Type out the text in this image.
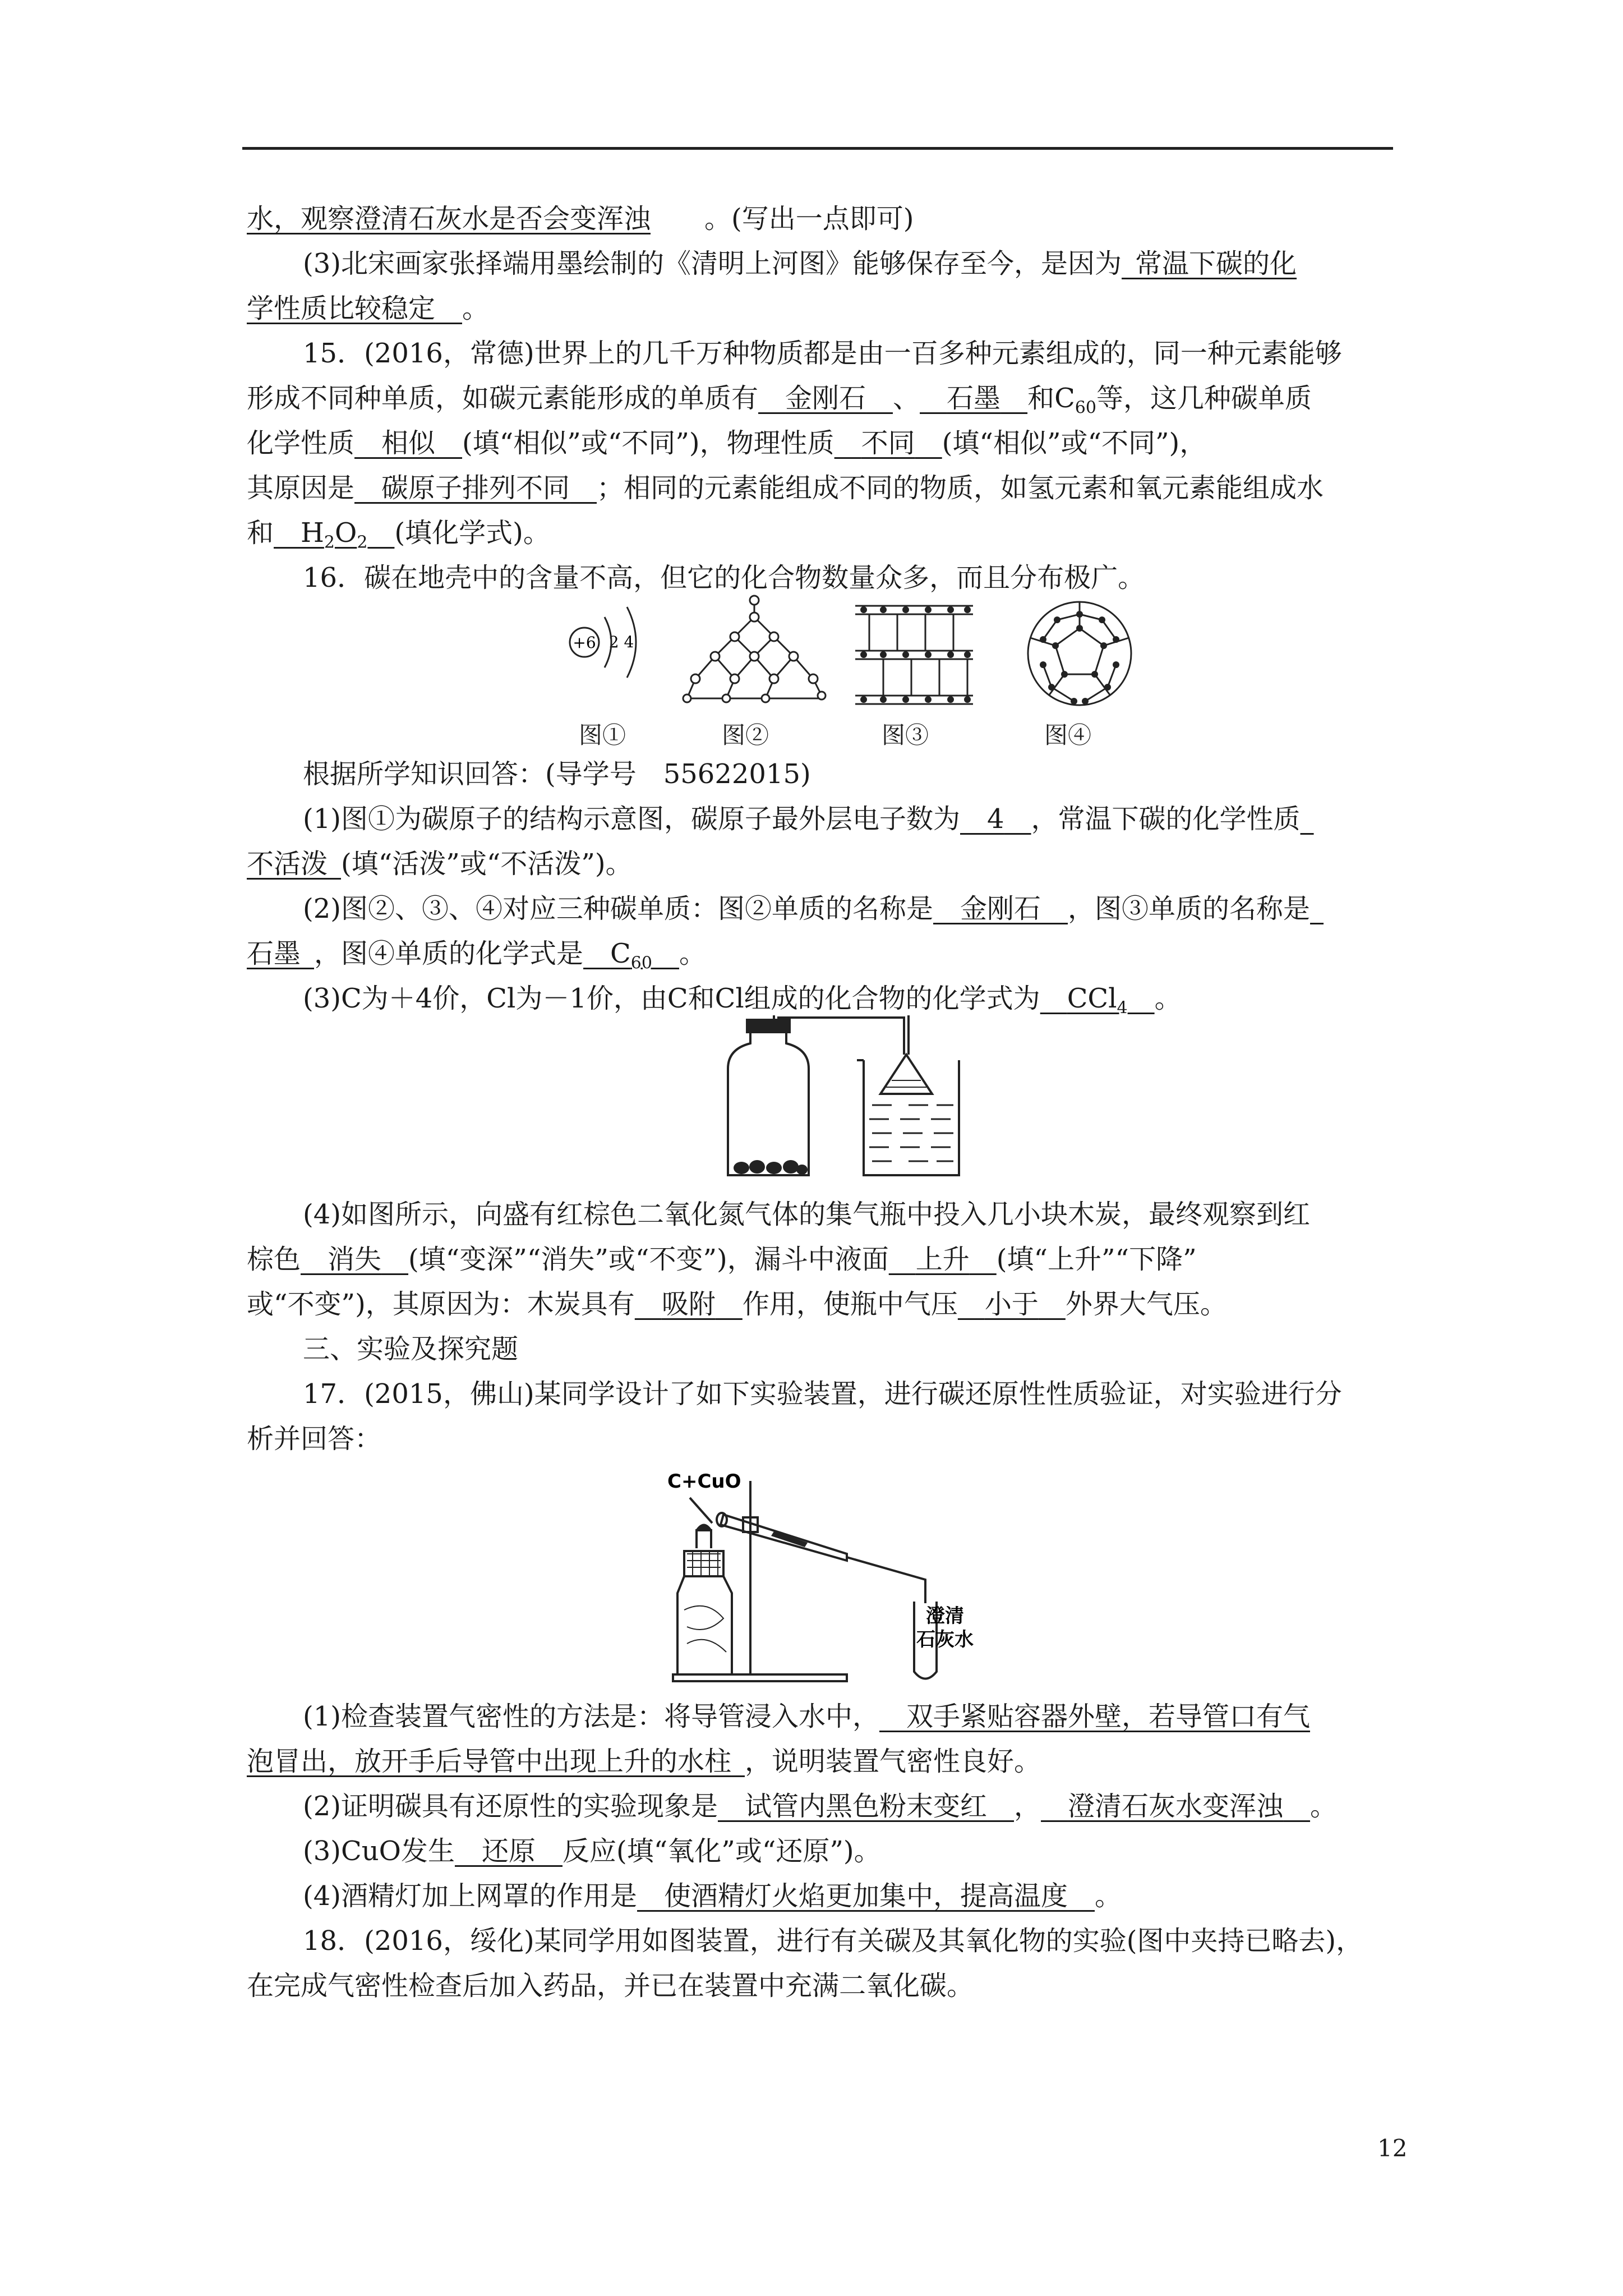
水，观察澄清石灰水是否会变浑浊   。(写出一点即可)
(3)北宋画家张择端用墨绘制的《清明上河图》能够保存至今，是因为  常温下碳的化
学性质比较稳定   。
15．(2016，常德)世界上的几千万种物质都是由一百多种元素组成的，同一种元素能够
形成不同种单质，如碳元素能形成的单质有   金刚石   、   石墨   和$C_{60}$等，这几种碳单质
化学性质   相似   (填“相似”或“不同”)，物理性质   不同   (填“相似”或“不同”)，
其原因是   碳原子排列不同   ；相同的元素能组成不同的物质，如氢元素和氧元素能组成水
和   $H_2O_2$   (填化学式)。
16．碳在地壳中的含量不高，但它的化合物数量众多，而且分布极广。
+6 2 4
图①	图②	图③	图④
根据所学知识回答：(导学号　55622015)
(1)图①为碳原子的结构示意图，碳原子最外层电子数为   4   ，常温下碳的化学性质 
不活泼  (填“活泼”或“不活泼”)。
(2)图②、③、④对应三种碳单质：图②单质的名称是   金刚石   ，图③单质的名称是 
石墨  ，图④单质的化学式是   $C_{60}$   。
(3)C为＋4价，Cl为－1价，由C和Cl组成的化合物的化学式为   CCl$_4$   。
(4)如图所示，向盛有红棕色二氧化氮气体的集气瓶中投入几小块木炭，最终观察到红
棕色   消失   (填“变深”“消失”或“不变”)，漏斗中液面   上升   (填“上升”“下降”
或“不变”)，其原因为：木炭具有   吸附   作用，使瓶中气压   小于   外界大气压。
三、实验及探究题
17．(2015，佛山)某同学设计了如下实验装置，进行碳还原性性质验证，对实验进行分
析并回答：
C+CuO
澄清
石灰水
(1)检查装置气密性的方法是：将导管浸入水中，   双手紧贴容器外壁，若导管口有气
泡冒出，放开手后导管中出现上升的水柱  ，说明装置气密性良好。
(2)证明碳具有还原性的实验现象是   试管内黑色粉末变红   ，   澄清石灰水变浑浊   。
(3)CuO发生   还原   反应(填“氧化”或“还原”)。
(4)酒精灯加上网罩的作用是   使酒精灯火焰更加集中，提高温度   。
18．(2016，绥化)某同学用如图装置，进行有关碳及其氧化物的实验(图中夹持已略去)，
在完成气密性检查后加入药品，并已在装置中充满二氧化碳。
12
